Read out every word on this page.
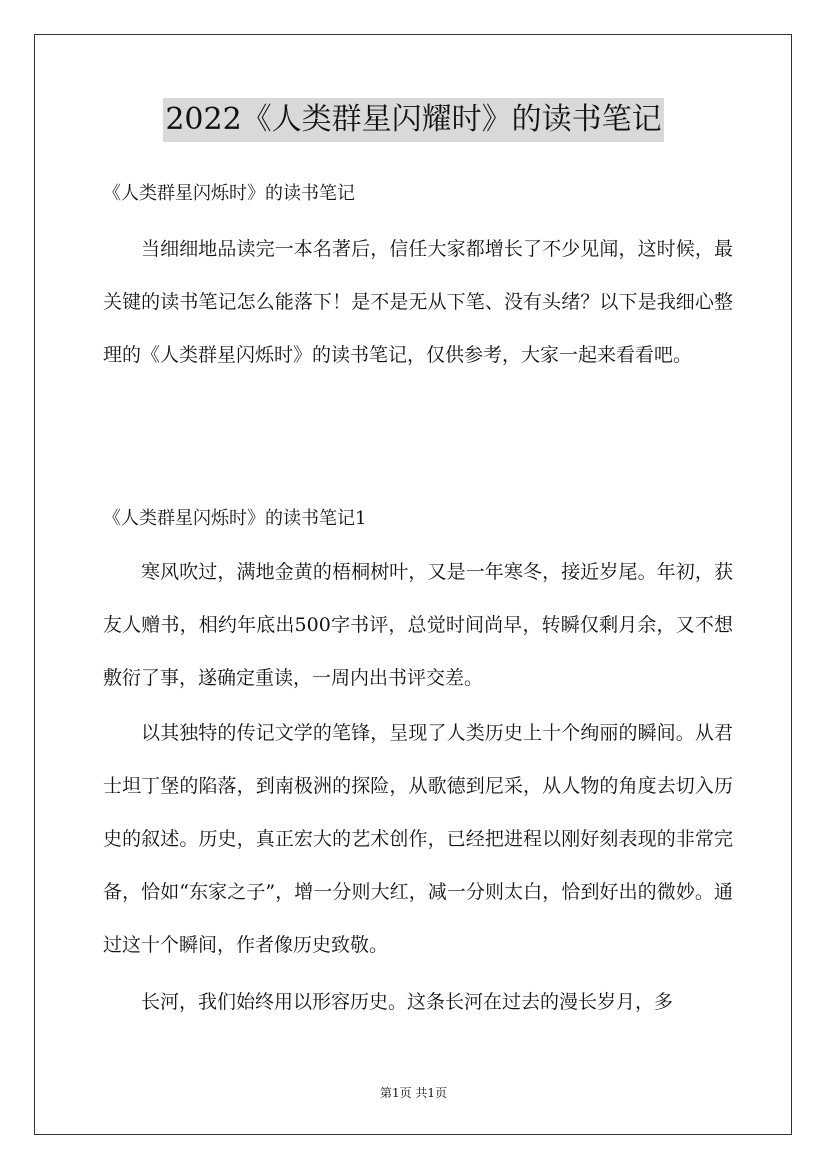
2022《人类群星闪耀时》的读书笔记
《人类群星闪烁时》的读书笔记

当细细地品读完一本名著后，信任大家都增长了不少见闻，这时候，最关键的读书笔记怎么能落下！是不是无从下笔、没有头绪？以下是我细心整理的《人类群星闪烁时》的读书笔记，仅供参考，大家一起来看看吧。

《人类群星闪烁时》的读书笔记1

寒风吹过，满地金黄的梧桐树叶，又是一年寒冬，接近岁尾。年初，获友人赠书，相约年底出500字书评，总觉时间尚早，转瞬仅剩月余，又不想敷衍了事，遂确定重读，一周内出书评交差。

以其独特的传记文学的笔锋，呈现了人类历史上十个绚丽的瞬间。从君士坦丁堡的陷落，到南极洲的探险，从歌德到尼采，从人物的角度去切入历史的叙述。历史，真正宏大的艺术创作，已经把进程以刚好刻表现的非常完备，恰如“东家之子”，增一分则大红，减一分则太白，恰到好出的微妙。通过这十个瞬间，作者像历史致敬。

长河，我们始终用以形容历史。这条长河在过去的漫长岁月，多

第1页 共1页
